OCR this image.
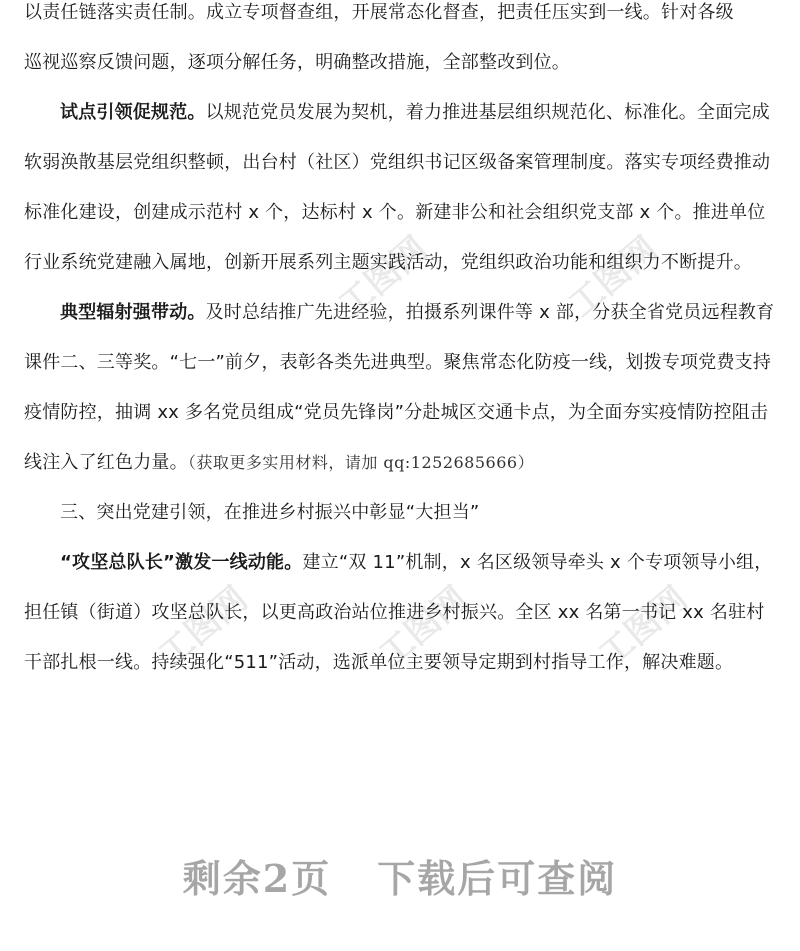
工图网	工图网
工图网	工图网	工图网

以责任链落实责任制。成立专项督查组，开展常态化督查，把责任压实到一线。针对各级

巡视巡察反馈问题，逐项分解任务，明确整改措施，全部整改到位。

试点引领促规范。以规范党员发展为契机，着力推进基层组织规范化、标准化。全面完成软弱涣散基层党组织整顿，出台村（社区）党组织书记区级备案管理制度。落实专项经费推动标准化建设，创建成示范村 x 个，达标村 x 个。新建非公和社会组织党支部 x 个。推进单位行业系统党建融入属地，创新开展系列主题实践活动，党组织政治功能和组织力不断提升。

典型辐射强带动。及时总结推广先进经验，拍摄系列课件等 x 部，分获全省党员远程教育课件二、三等奖。“七一”前夕，表彰各类先进典型。聚焦常态化防疫一线，划拨专项党费支持疫情防控，抽调 xx 多名党员组成“党员先锋岗”分赴城区交通卡点，为全面夯实疫情防控阻击线注入了红色力量。（获取更多实用材料，请加 qq:1252685666）

三、突出党建引领，在推进乡村振兴中彰显“大担当”

“攻坚总队长”激发一线动能。建立“双 11”机制，x 名区级领导牵头 x 个专项领导小组，担任镇（街道）攻坚总队长，以更高政治站位推进乡村振兴。全区 xx 名第一书记 xx 名驻村干部扎根一线。持续强化“511”活动，选派单位主要领导定期到村指导工作，解决难题。

剩余2页 下载后可查阅
